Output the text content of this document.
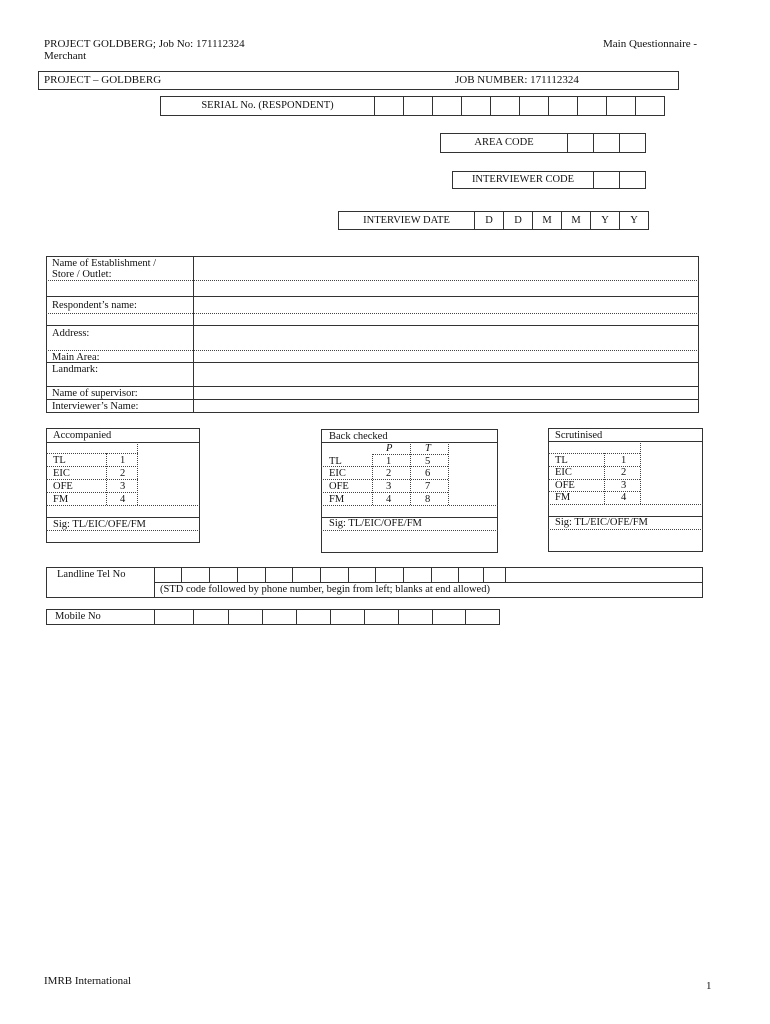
PROJECT GOLDBERG; Job No: 171112324
Merchant
Main Questionnaire -
PROJECT – GOLDBERG	JOB NUMBER: 171112324
SERIAL No. (RESPONDENT)
AREA CODE
INTERVIEWER CODE
INTERVIEW DATE	D	D	M	M	Y	Y
Name of Establishment /
Store / Outlet:
Respondent’s name:
Address:
Main Area:
Landmark:
Name of supervisor:
Interviewer’s Name:
Accompanied
TL	1
EIC	2
OFE	3
FM	4
Sig: TL/EIC/OFE/FM
Back checked
P	T
TL	1	5
EIC	2	6
OFE	3	7
FM	4	8
Sig: TL/EIC/OFE/FM
Scrutinised
TL	1
EIC	2
OFE	3
FM	4
Sig: TL/EIC/OFE/FM
Landline Tel No
(STD code followed by phone number, begin from left; blanks at end allowed)
Mobile No
IMRB International	1
